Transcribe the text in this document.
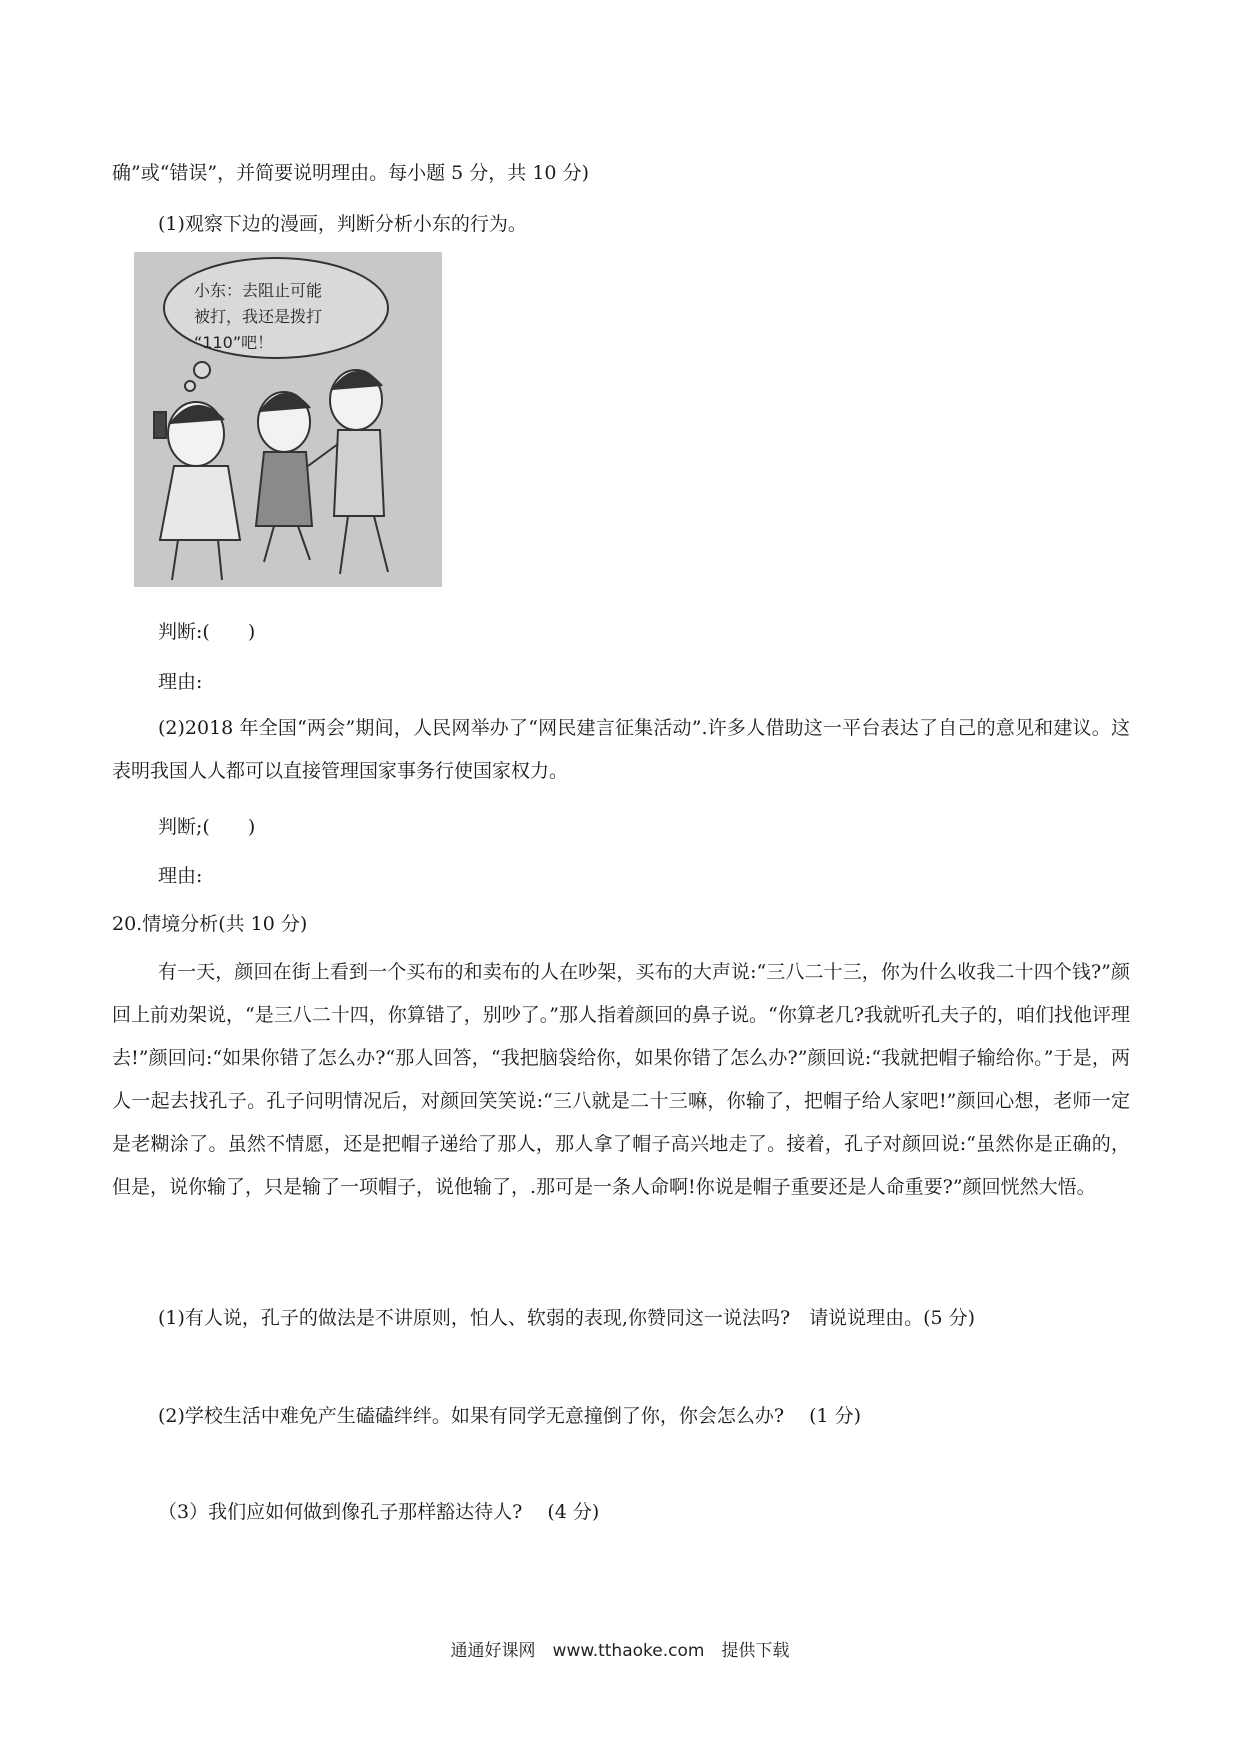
确”或“错误”，并简要说明理由。每小题 5 分，共 10 分)
(1)观察下边的漫画，判断分析小东的行为。
小东：去阻止可能
被打，我还是拨打
“110”吧！
判断:(　　)
理由:
(2)2018 年全国“两会”期间，人民网举办了“网民建言征集活动”.许多人借助这一平台表达了自己的意见和建议。这表明我国人人都可以直接管理国家事务行使国家权力。
判断;(　　)
理由:
20.情境分析(共 10 分)
有一天，颜回在街上看到一个买布的和卖布的人在吵架，买布的大声说:“三八二十三，你为什么收我二十四个钱?”颜回上前劝架说，“是三八二十四，你算错了，别吵了。”那人指着颜回的鼻子说。“你算老几?我就听孔夫子的，咱们找他评理去!”颜回问:“如果你错了怎么办?“那人回答，“我把脑袋给你，如果你错了怎么办?”颜回说:“我就把帽子输给你。”于是，两人一起去找孔子。孔子问明情况后，对颜回笑笑说:“三八就是二十三嘛，你输了，把帽子给人家吧!”颜回心想，老师一定是老糊涂了。虽然不情愿，还是把帽子递给了那人，那人拿了帽子高兴地走了。接着，孔子对颜回说:“虽然你是正确的，但是，说你输了，只是输了一项帽子，说他输了，.那可是一条人命啊!你说是帽子重要还是人命重要?”颜回恍然大悟。
(1)有人说，孔子的做法是不讲原则，怕人、软弱的表现,你赞同这一说法吗?　请说说理由。(5 分)
(2)学校生活中难免产生磕磕绊绊。如果有同学无意撞倒了你，你会怎么办? 　(1 分)
（3）我们应如何做到像孔子那样豁达待人? 　(4 分)
通通好课网　www.tthaoke.com　提供下载
